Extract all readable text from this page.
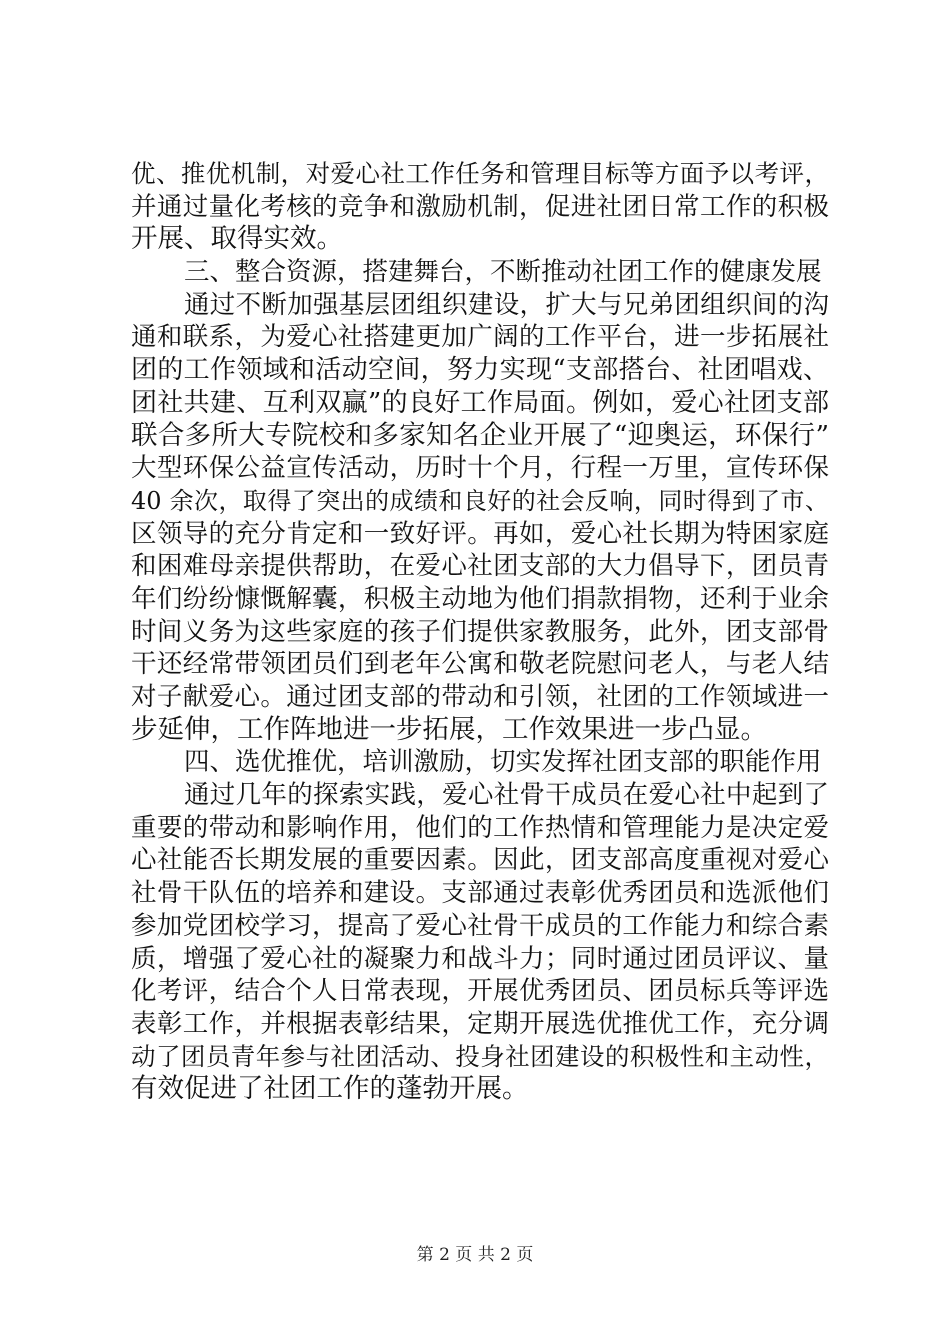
优、推优机制，对爱心社工作任务和管理目标等方面予以考评，
并通过量化考核的竞争和激励机制，促进社团日常工作的积极
开展、取得实效。
三、整合资源，搭建舞台，不断推动社团工作的健康发展
通过不断加强基层团组织建设，扩大与兄弟团组织间的沟
通和联系，为爱心社搭建更加广阔的工作平台，进一步拓展社
团的工作领域和活动空间，努力实现“支部搭台、社团唱戏、
团社共建、互利双赢”的良好工作局面。例如，爱心社团支部
联合多所大专院校和多家知名企业开展了“迎奥运，环保行”
大型环保公益宣传活动，历时十个月，行程一万里，宣传环保
40 余次，取得了突出的成绩和良好的社会反响，同时得到了市、
区领导的充分肯定和一致好评。再如，爱心社长期为特困家庭
和困难母亲提供帮助，在爱心社团支部的大力倡导下，团员青
年们纷纷慷慨解囊，积极主动地为他们捐款捐物，还利于业余
时间义务为这些家庭的孩子们提供家教服务，此外，团支部骨
干还经常带领团员们到老年公寓和敬老院慰问老人，与老人结
对子献爱心。通过团支部的带动和引领，社团的工作领域进一
步延伸，工作阵地进一步拓展，工作效果进一步凸显。
四、选优推优，培训激励，切实发挥社团支部的职能作用
通过几年的探索实践，爱心社骨干成员在爱心社中起到了
重要的带动和影响作用，他们的工作热情和管理能力是决定爱
心社能否长期发展的重要因素。因此，团支部高度重视对爱心
社骨干队伍的培养和建设。支部通过表彰优秀团员和选派他们
参加党团校学习，提高了爱心社骨干成员的工作能力和综合素
质，增强了爱心社的凝聚力和战斗力；同时通过团员评议、量
化考评，结合个人日常表现，开展优秀团员、团员标兵等评选
表彰工作，并根据表彰结果，定期开展选优推优工作，充分调
动了团员青年参与社团活动、投身社团建设的积极性和主动性，
有效促进了社团工作的蓬勃开展。
第 2 页 共 2 页
